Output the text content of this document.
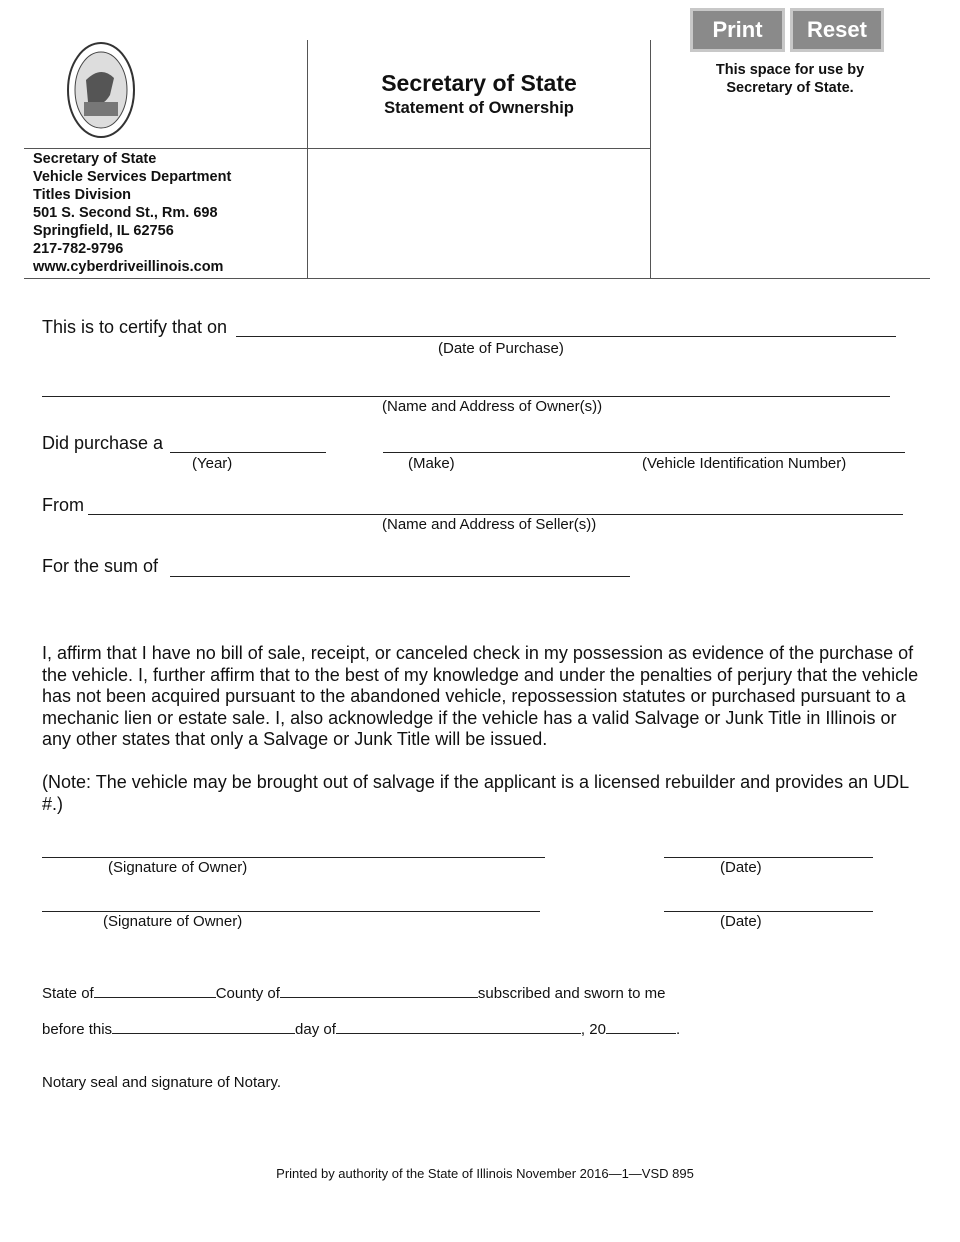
Print	Reset
Secretary of State
Statement of Ownership
This space for use by
Secretary of State.
Secretary of State
Vehicle Services Department
Titles Division
501 S. Second St., Rm. 698
Springfield, IL 62756
217-782-9796
www.cyberdriveillinois.com
This is to certify that on
(Date of Purchase)
(Name and Address of Owner(s))
Did purchase a
(Year)	(Make)	(Vehicle Identification Number)
From
(Name and Address of Seller(s))
For the sum of
I, affirm that I have no bill of sale, receipt, or canceled check in my possession as evidence of the purchase of the vehicle. I, further affirm that to the best of my knowledge and under the penalties of perjury that the vehicle has not been acquired pursuant to the abandoned vehicle, repossession statutes or purchased pursuant to a mechanic lien or estate sale. I, also acknowledge if the vehicle has a valid Salvage or Junk Title in Illinois or any other states that only a Salvage or Junk Title will be issued.
(Note: The vehicle may be brought out of salvage if the applicant is a licensed rebuilder and provides an UDL #.)
(Signature of Owner)	(Date)
(Signature of Owner)	(Date)
State of	County of	subscribed and sworn to me
before this	day of	, 20	.
Notary seal and signature of Notary.
Printed by authority of the State of Illinois November 2016—1—VSD 895
